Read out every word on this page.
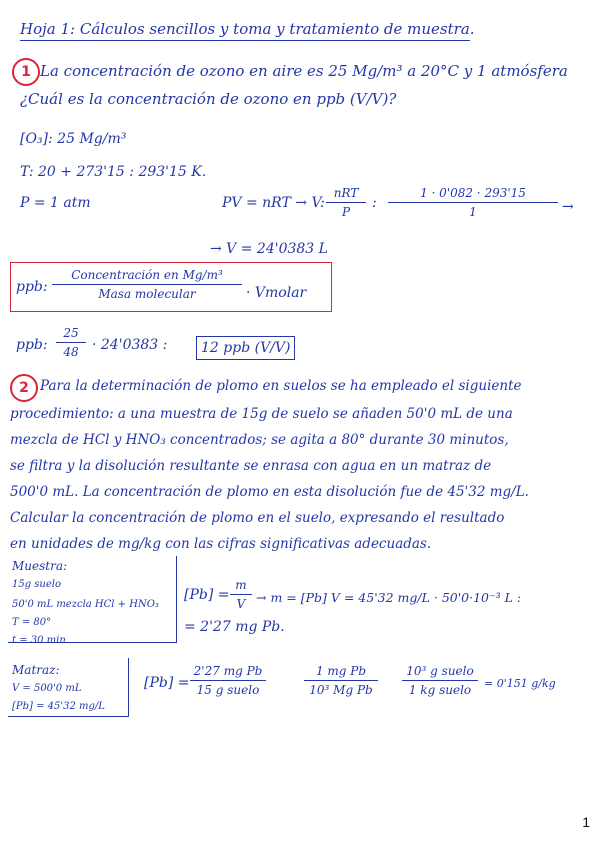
Hoja 1: Cálculos sencillos y toma y tratamiento de muestra.
1 La concentración de ozono en aire es 25 Mg/m³ a 20°C y 1 atmósfera
¿Cuál es la concentración de ozono en ppb (V/V)?
[O₃]: 25 Mg/m³
T: 20 + 273'15 : 293'15 K.
P = 1 atm	PV = nRT → V:
nRT
P
:
1 · 0'082 · 293'15
1	→
→ V = 24'0383 L
ppb:
Concentración en Mg/m³
Masa molecular	· Vmolar
ppb:
25
48 · 24'0383 :	12 ppb (V/V)
2 Para la determinación de plomo en suelos se ha empleado el siguiente
procedimiento: a una muestra de 15g de suelo se añaden 50'0 mL de una
mezcla de HCl y HNO₃ concentrados; se agita a 80° durante 30 minutos,
se filtra y la disolución resultante se enrasa con agua en un matraz de
500'0 mL. La concentración de plomo en esta disolución fue de 45'32 mg/L.
Calcular la concentración de plomo en el suelo, expresando el resultado
en unidades de mg/kg con las cifras significativas adecuadas.
Muestra:
15g suelo
50'0 mL mezcla HCl + HNO₃
T = 80°
t = 30 min
[Pb] =
m
V → m = [Pb] V = 45'32 mg/L · 50'0·10⁻³ L :
= 2'27 mg Pb.
Matraz:
V = 500'0 mL
[Pb] = 45'32 mg/L
[Pb] =
2'27 mg Pb
15 g suelo
1 mg Pb
10³ Mg Pb
10³ g suelo
1 kg suelo	= 0'151 g/kg
1
